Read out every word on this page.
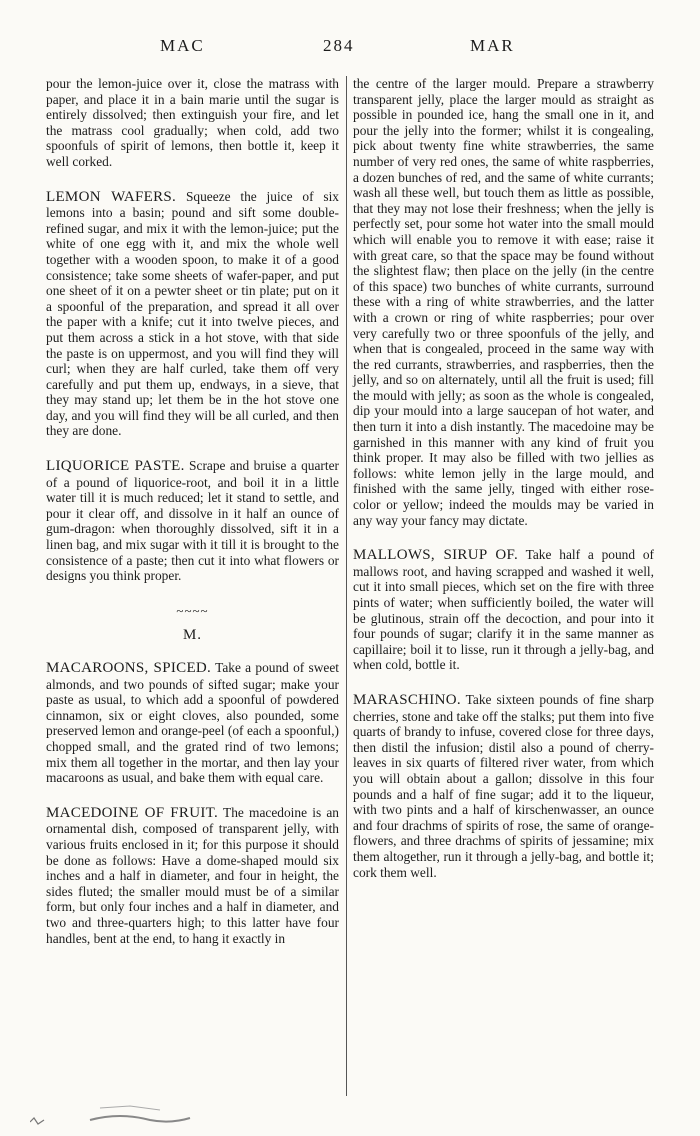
MAC	284	MAR

pour the lemon-juice over it, close the matrass with paper, and place it in a bain marie until the sugar is entirely dissolved; then extinguish your fire, and let the matrass cool gradually; when cold, add two spoonfuls of spirit of lemons, then bottle it, keep it well corked.

LEMON WAFERS. Squeeze the juice of six lemons into a basin; pound and sift some double-refined sugar, and mix it with the lemon-juice; put the white of one egg with it, and mix the whole well together with a wooden spoon, to make it of a good consistence; take some sheets of wafer-paper, and put one sheet of it on a pewter sheet or tin plate; put on it a spoonful of the preparation, and spread it all over the paper with a knife; cut it into twelve pieces, and put them across a stick in a hot stove, with that side the paste is on uppermost, and you will find they will curl; when they are half curled, take them off very carefully and put them up, endways, in a sieve, that they may stand up; let them be in the hot stove one day, and you will find they will be all curled, and then they are done.

LIQUORICE PASTE. Scrape and bruise a quarter of a pound of liquorice-root, and boil it in a little water till it is much reduced; let it stand to settle, and pour it clear off, and dissolve in it half an ounce of gum-dragon: when thoroughly dissolved, sift it in a linen bag, and mix sugar with it till it is brought to the consistence of a paste; then cut it into what flowers or designs you think proper.

~~~~
M.

MACAROONS, SPICED. Take a pound of sweet almonds, and two pounds of sifted sugar; make your paste as usual, to which add a spoonful of powdered cinnamon, six or eight cloves, also pounded, some preserved lemon and orange-peel (of each a spoonful,) chopped small, and the grated rind of two lemons; mix them all together in the mortar, and then lay your macaroons as usual, and bake them with equal care.

MACEDOINE OF FRUIT. The macedoine is an ornamental dish, composed of transparent jelly, with various fruits enclosed in it; for this purpose it should be done as follows: Have a dome-shaped mould six inches and a half in diameter, and four in height, the sides fluted; the smaller mould must be of a similar form, but only four inches and a half in diameter, and two and three-quarters high; to this latter have four handles, bent at the end, to hang it exactly in

the centre of the larger mould. Prepare a strawberry transparent jelly, place the larger mould as straight as possible in pounded ice, hang the small one in it, and pour the jelly into the former; whilst it is congealing, pick about twenty fine white strawberries, the same number of very red ones, the same of white raspberries, a dozen bunches of red, and the same of white currants; wash all these well, but touch them as little as possible, that they may not lose their freshness; when the jelly is perfectly set, pour some hot water into the small mould which will enable you to remove it with ease; raise it with great care, so that the space may be found without the slightest flaw; then place on the jelly (in the centre of this space) two bunches of white currants, surround these with a ring of white strawberries, and the latter with a crown or ring of white raspberries; pour over very carefully two or three spoonfuls of the jelly, and when that is congealed, proceed in the same way with the red currants, strawberries, and raspberries, then the jelly, and so on alternately, until all the fruit is used; fill the mould with jelly; as soon as the whole is congealed, dip your mould into a large saucepan of hot water, and then turn it into a dish instantly. The macedoine may be garnished in this manner with any kind of fruit you think proper. It may also be filled with two jellies as follows: white lemon jelly in the large mould, and finished with the same jelly, tinged with either rose-color or yellow; indeed the moulds may be varied in any way your fancy may dictate.

MALLOWS, SIRUP OF. Take half a pound of mallows root, and having scrapped and washed it well, cut it into small pieces, which set on the fire with three pints of water; when sufficiently boiled, the water will be glutinous, strain off the decoction, and pour into it four pounds of sugar; clarify it in the same manner as capillaire; boil it to lisse, run it through a jelly-bag, and when cold, bottle it.

MARASCHINO. Take sixteen pounds of fine sharp cherries, stone and take off the stalks; put them into five quarts of brandy to infuse, covered close for three days, then distil the infusion; distil also a pound of cherry-leaves in six quarts of filtered river water, from which you will obtain about a gallon; dissolve in this four pounds and a half of fine sugar; add it to the liqueur, with two pints and a half of kirschenwasser, an ounce and four drachms of spirits of rose, the same of orange-flowers, and three drachms of spirits of jessamine; mix them altogether, run it through a jelly-bag, and bottle it; cork them well.
